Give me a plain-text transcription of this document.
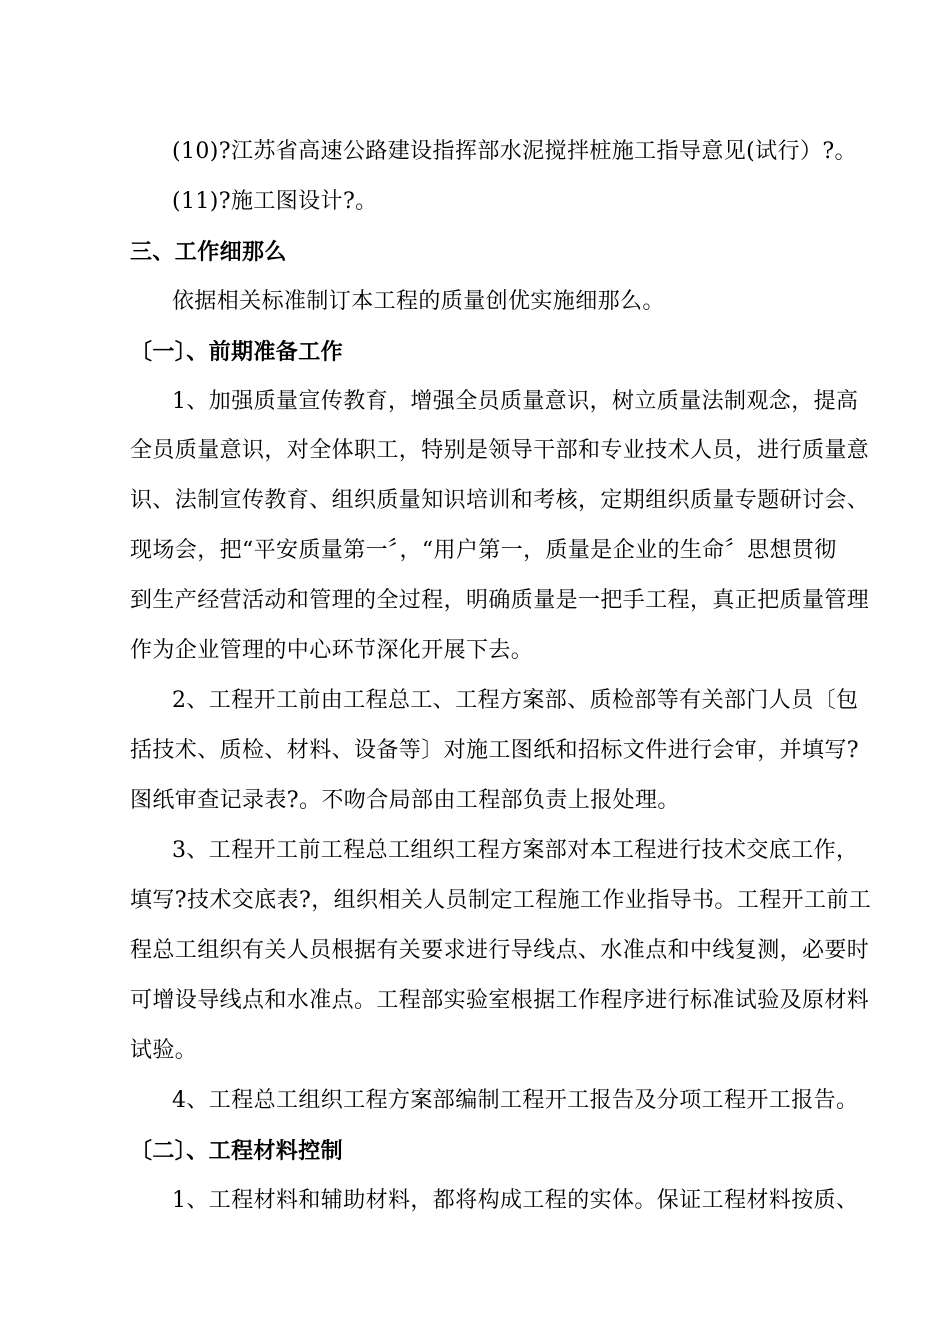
(10)?江苏省高速公路建设指挥部水泥搅拌桩施工指导意见(试行）?。
(11)?施工图设计?。
三、工作细那么
依据相关标准制订本工程的质量创优实施细那么。
〔一〕、前期准备工作
1、加强质量宣传教育，增强全员质量意识，树立质量法制观念，提高
全员质量意识，对全体职工，特别是领导干部和专业技术人员，进行质量意
识、法制宣传教育、组织质量知识培训和考核，定期组织质量专题研讨会、
现场会，把“平安质量第一〞，“用户第一，质量是企业的生命〞思想贯彻
到生产经营活动和管理的全过程，明确质量是一把手工程，真正把质量管理
作为企业管理的中心环节深化开展下去。
2、工程开工前由工程总工、工程方案部、质检部等有关部门人员〔包
括技术、质检、材料、设备等〕对施工图纸和招标文件进行会审，并填写?
图纸审查记录表?。不吻合局部由工程部负责上报处理。
3、工程开工前工程总工组织工程方案部对本工程进行技术交底工作，
填写?技术交底表?，组织相关人员制定工程施工作业指导书。工程开工前工
程总工组织有关人员根据有关要求进行导线点、水准点和中线复测，必要时
可增设导线点和水准点。工程部实验室根据工作程序进行标准试验及原材料
试验。
4、工程总工组织工程方案部编制工程开工报告及分项工程开工报告。
〔二〕、工程材料控制
1、工程材料和辅助材料，都将构成工程的实体。保证工程材料按质、
